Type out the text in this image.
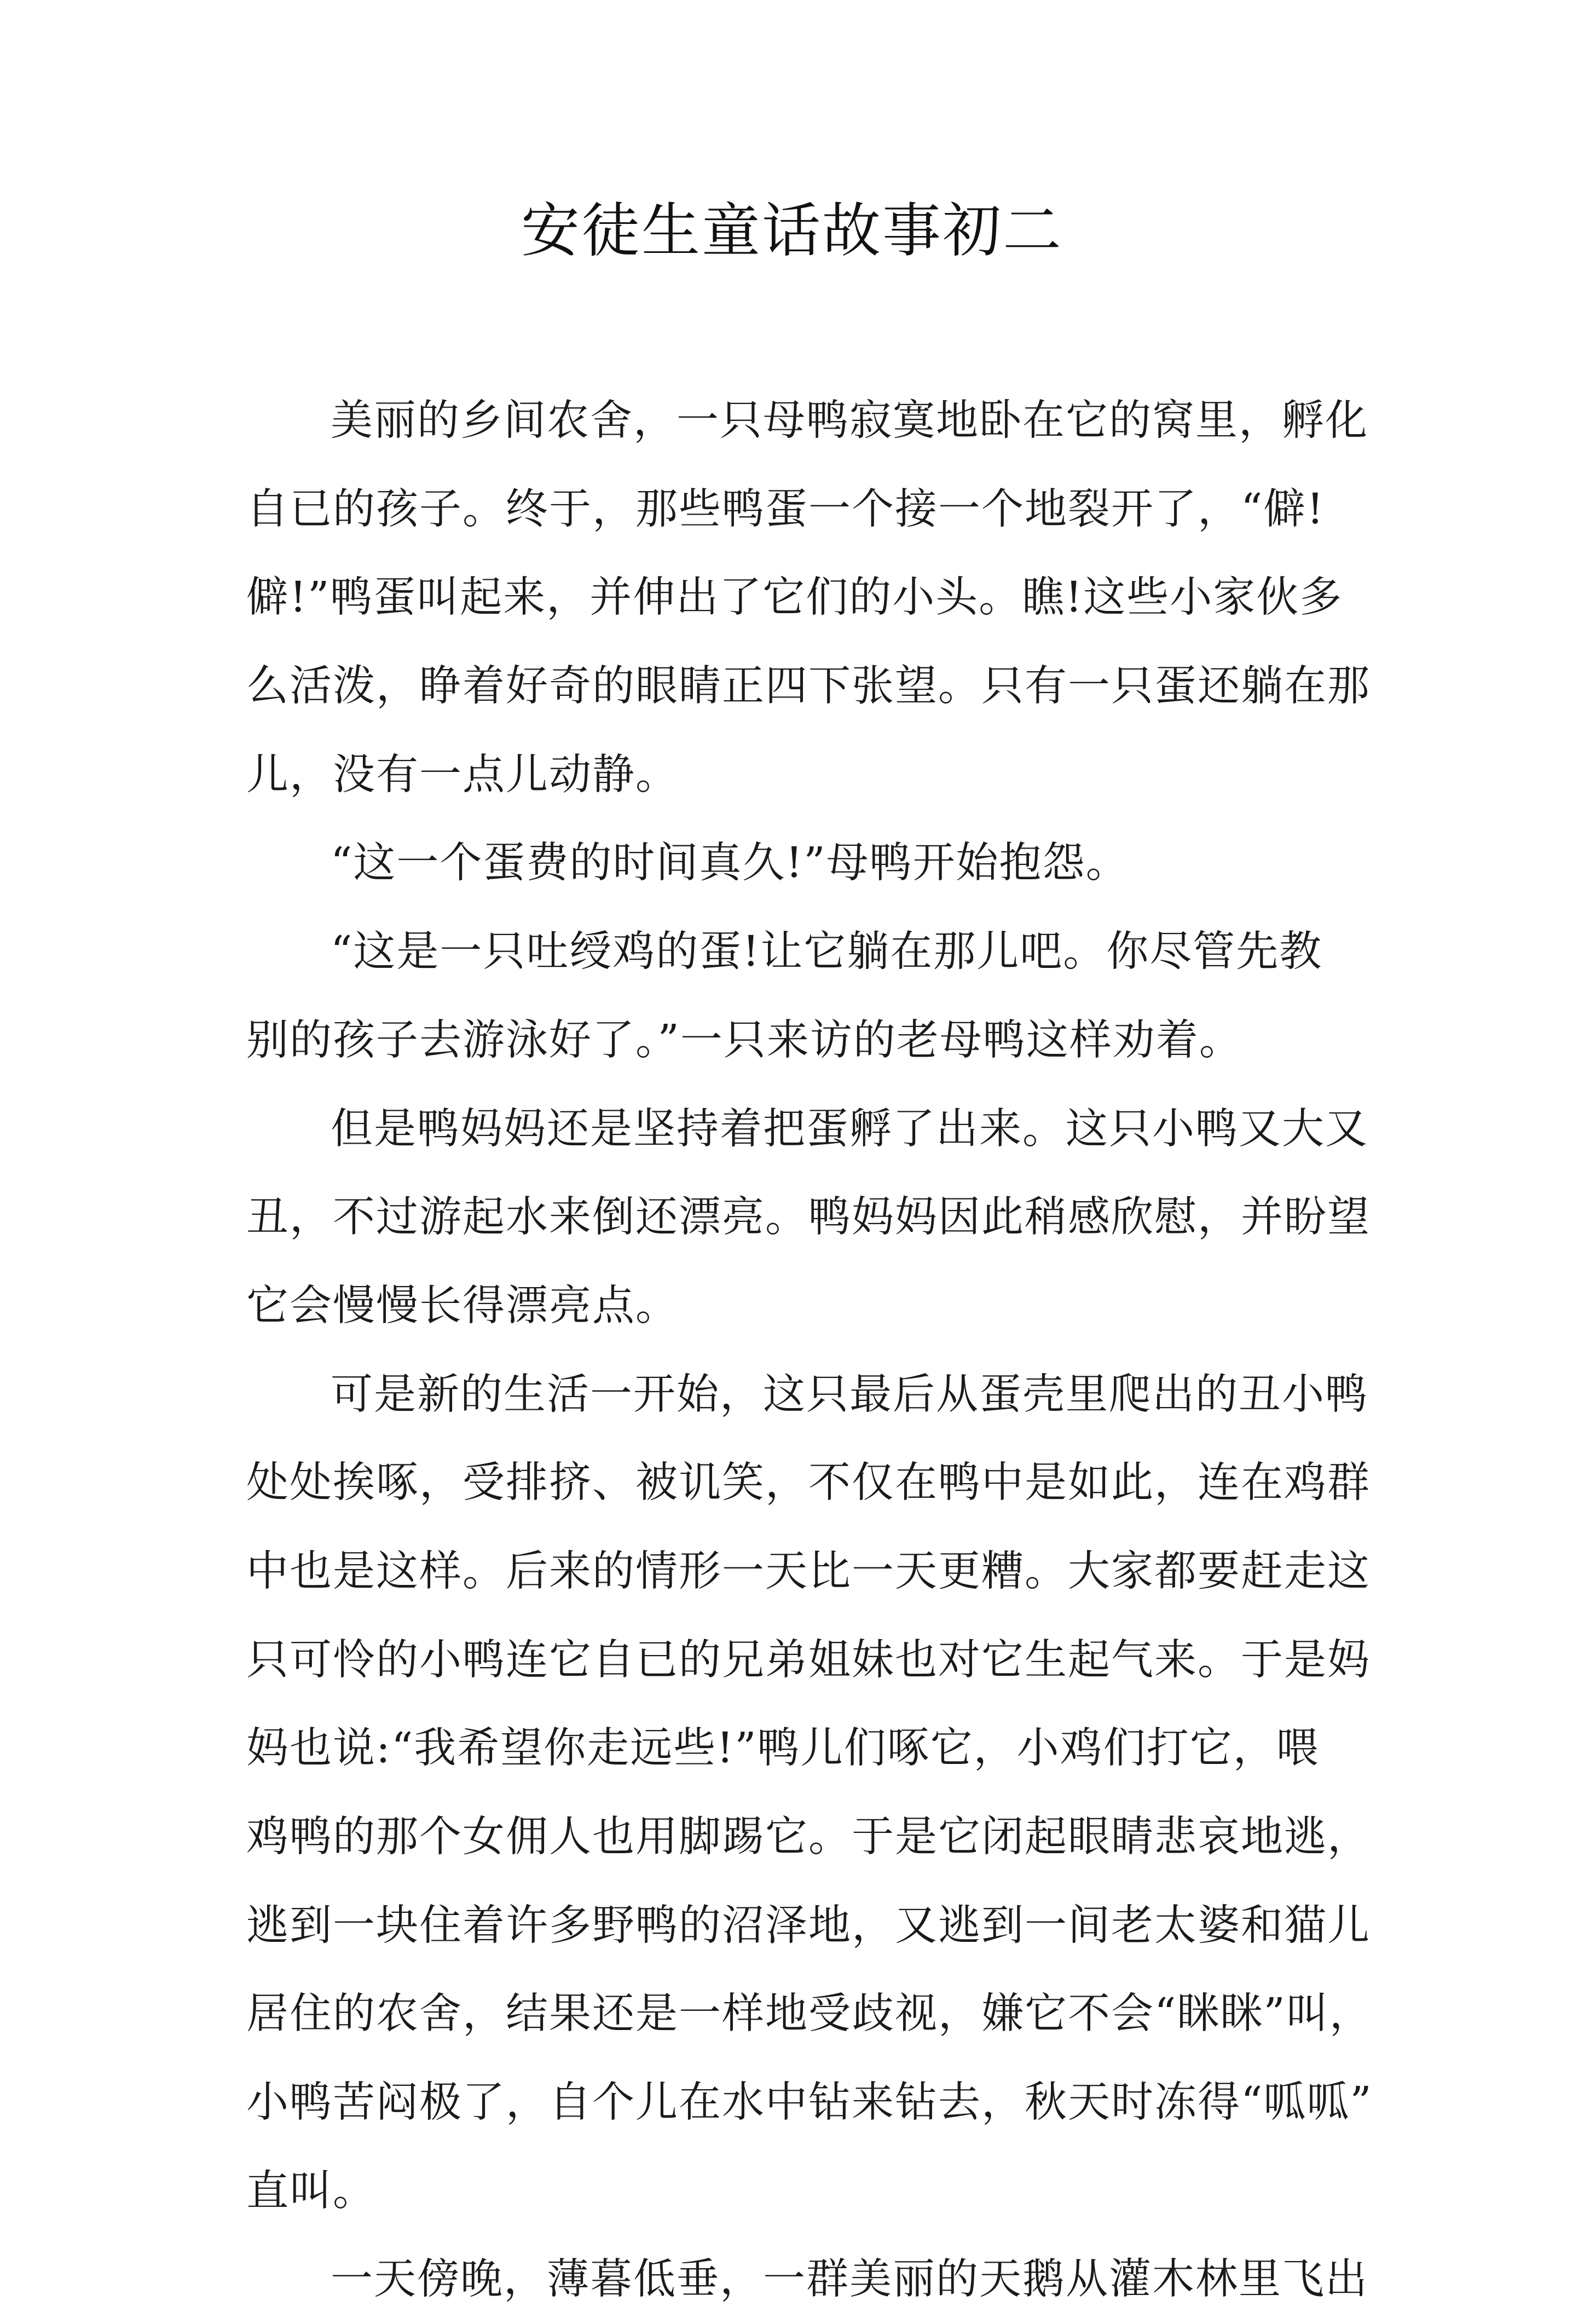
安徒生童话故事初二
美丽的乡间农舍，一只母鸭寂寞地卧在它的窝里，孵化
自已的孩子。终于，那些鸭蛋一个接一个地裂开了，“僻!
僻!”鸭蛋叫起来，并伸出了它们的小头。瞧!这些小家伙多
么活泼，睁着好奇的眼睛正四下张望。只有一只蛋还躺在那
儿，没有一点儿动静。
“这一个蛋费的时间真久!”母鸭开始抱怨。
“这是一只吐绶鸡的蛋!让它躺在那儿吧。你尽管先教
别的孩子去游泳好了。”一只来访的老母鸭这样劝着。
但是鸭妈妈还是坚持着把蛋孵了出来。这只小鸭又大又
丑，不过游起水来倒还漂亮。鸭妈妈因此稍感欣慰，并盼望
它会慢慢长得漂亮点。
可是新的生活一开始，这只最后从蛋壳里爬出的丑小鸭
处处挨啄，受排挤、被讥笑，不仅在鸭中是如此，连在鸡群
中也是这样。后来的情形一天比一天更糟。大家都要赶走这
只可怜的小鸭连它自已的兄弟姐妹也对它生起气来。于是妈
妈也说:“我希望你走远些!”鸭儿们啄它，小鸡们打它，喂
鸡鸭的那个女佣人也用脚踢它。于是它闭起眼睛悲哀地逃，
逃到一块住着许多野鸭的沼泽地，又逃到一间老太婆和猫儿
居住的农舍，结果还是一样地受歧视，嫌它不会“眯眯”叫，
小鸭苦闷极了，自个儿在水中钻来钻去，秋天时冻得“呱呱”
直叫。
一天傍晚，薄暮低垂，一群美丽的天鹅从灌木林里飞出
